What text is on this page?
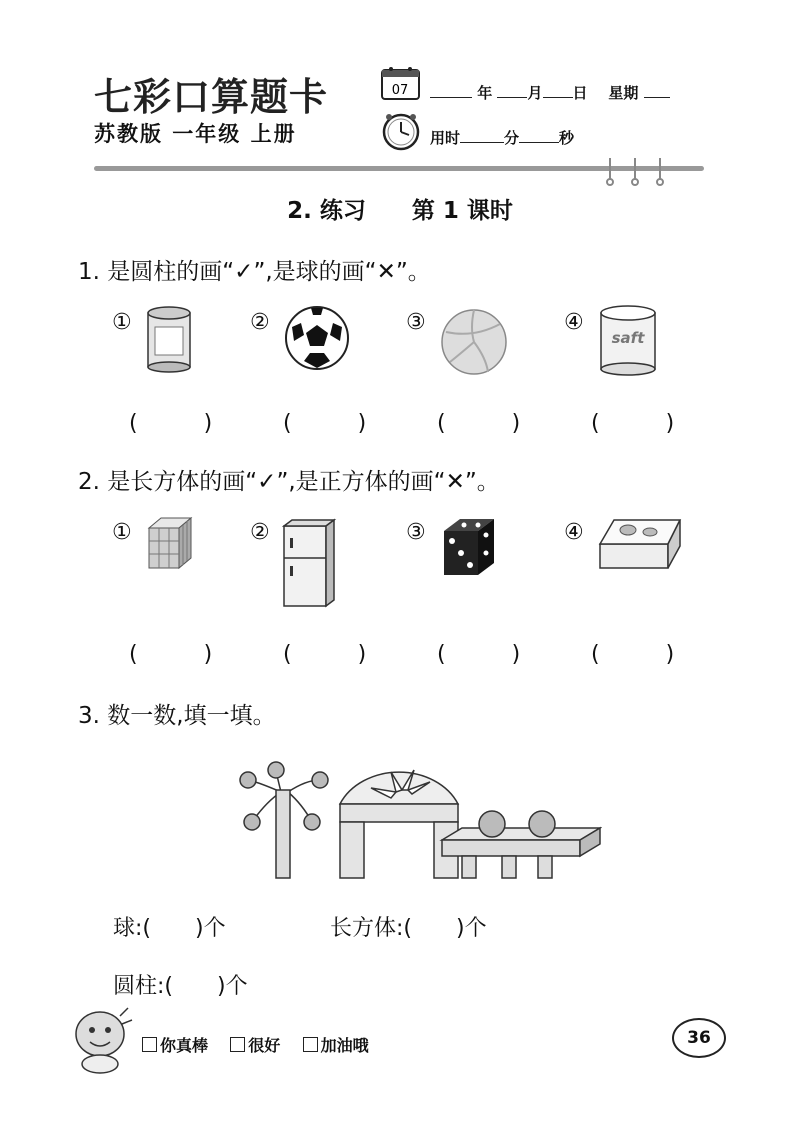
七彩口算题卡
苏教版 一年级 上册
07	年 月 日 星期
用时	分	秒
2. 练习　　第 1 课时
1. 是圆柱的画“✓”,是球的画“✕”。
①	②	③	④
saft
(　　　)	(　　　)	(　　　)	(　　　)
2. 是长方体的画“✓”,是正方体的画“✕”。
①	②	③	④
(　　　)	(　　　)	(　　　)	(　　　)
3. 数一数,填一填。
球:(　　)个	长方体:(　　)个
圆柱:(　　)个
你真棒	很好	加油哦	36
